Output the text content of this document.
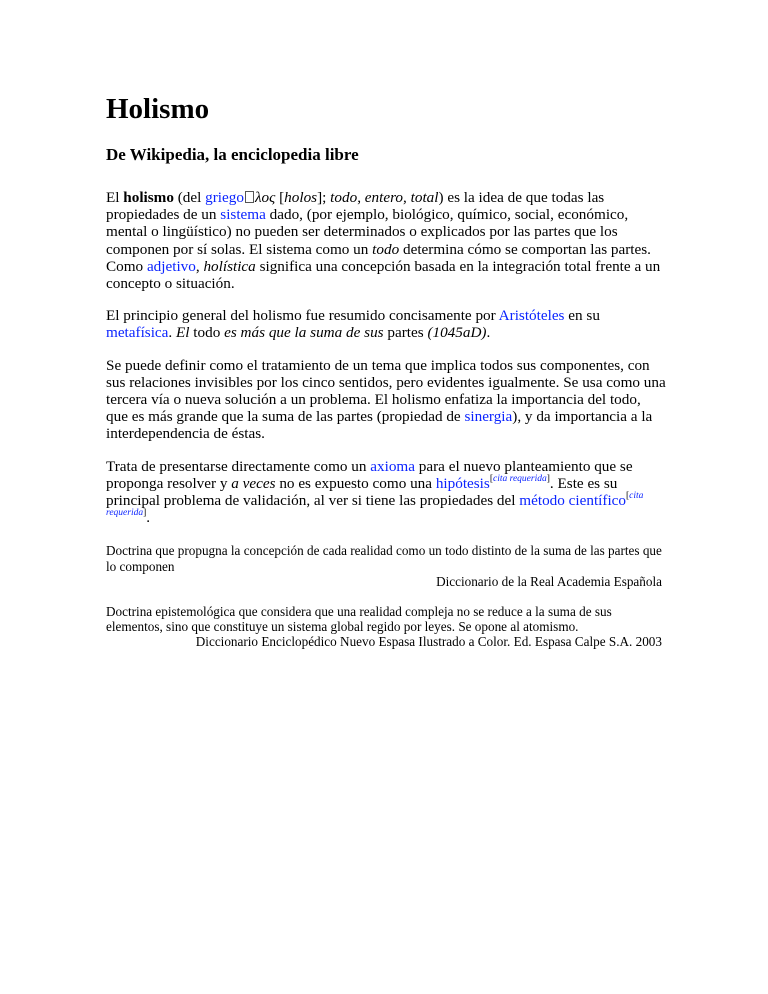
Holismo
De Wikipedia, la enciclopedia libre

El holismo (del griego λος [holos]; todo, entero, total) es la idea de que todas las propiedades de un sistema dado, (por ejemplo, biológico, químico, social, económico, mental o lingüístico) no pueden ser determinados o explicados por las partes que los componen por sí solas. El sistema como un todo determina cómo se comportan las partes. Como adjetivo, holística significa una concepción basada en la integración total frente a un concepto o situación.

El principio general del holismo fue resumido concisamente por Aristóteles en su metafísica. El todo es más que la suma de sus partes (1045aD).

Se puede definir como el tratamiento de un tema que implica todos sus componentes, con sus relaciones invisibles por los cinco sentidos, pero evidentes igualmente. Se usa como una tercera vía o nueva solución a un problema. El holismo enfatiza la importancia del todo, que es más grande que la suma de las partes (propiedad de sinergia), y da importancia a la interdependencia de éstas.

Trata de presentarse directamente como un axioma para el nuevo planteamiento que se proponga resolver y a veces no es expuesto como una hipótesis[cita requerida]. Este es su principal problema de validación, al ver si tiene las propiedades del método científico[cita requerida].

Doctrina que propugna la concepción de cada realidad como un todo distinto de la suma de las partes que lo componen
Diccionario de la Real Academia Española
Doctrina epistemológica que considera que una realidad compleja no se reduce a la suma de sus elementos, sino que constituye un sistema global regido por leyes. Se opone al atomismo.
Diccionario Enciclopédico Nuevo Espasa Ilustrado a Color. Ed. Espasa Calpe S.A. 2003
